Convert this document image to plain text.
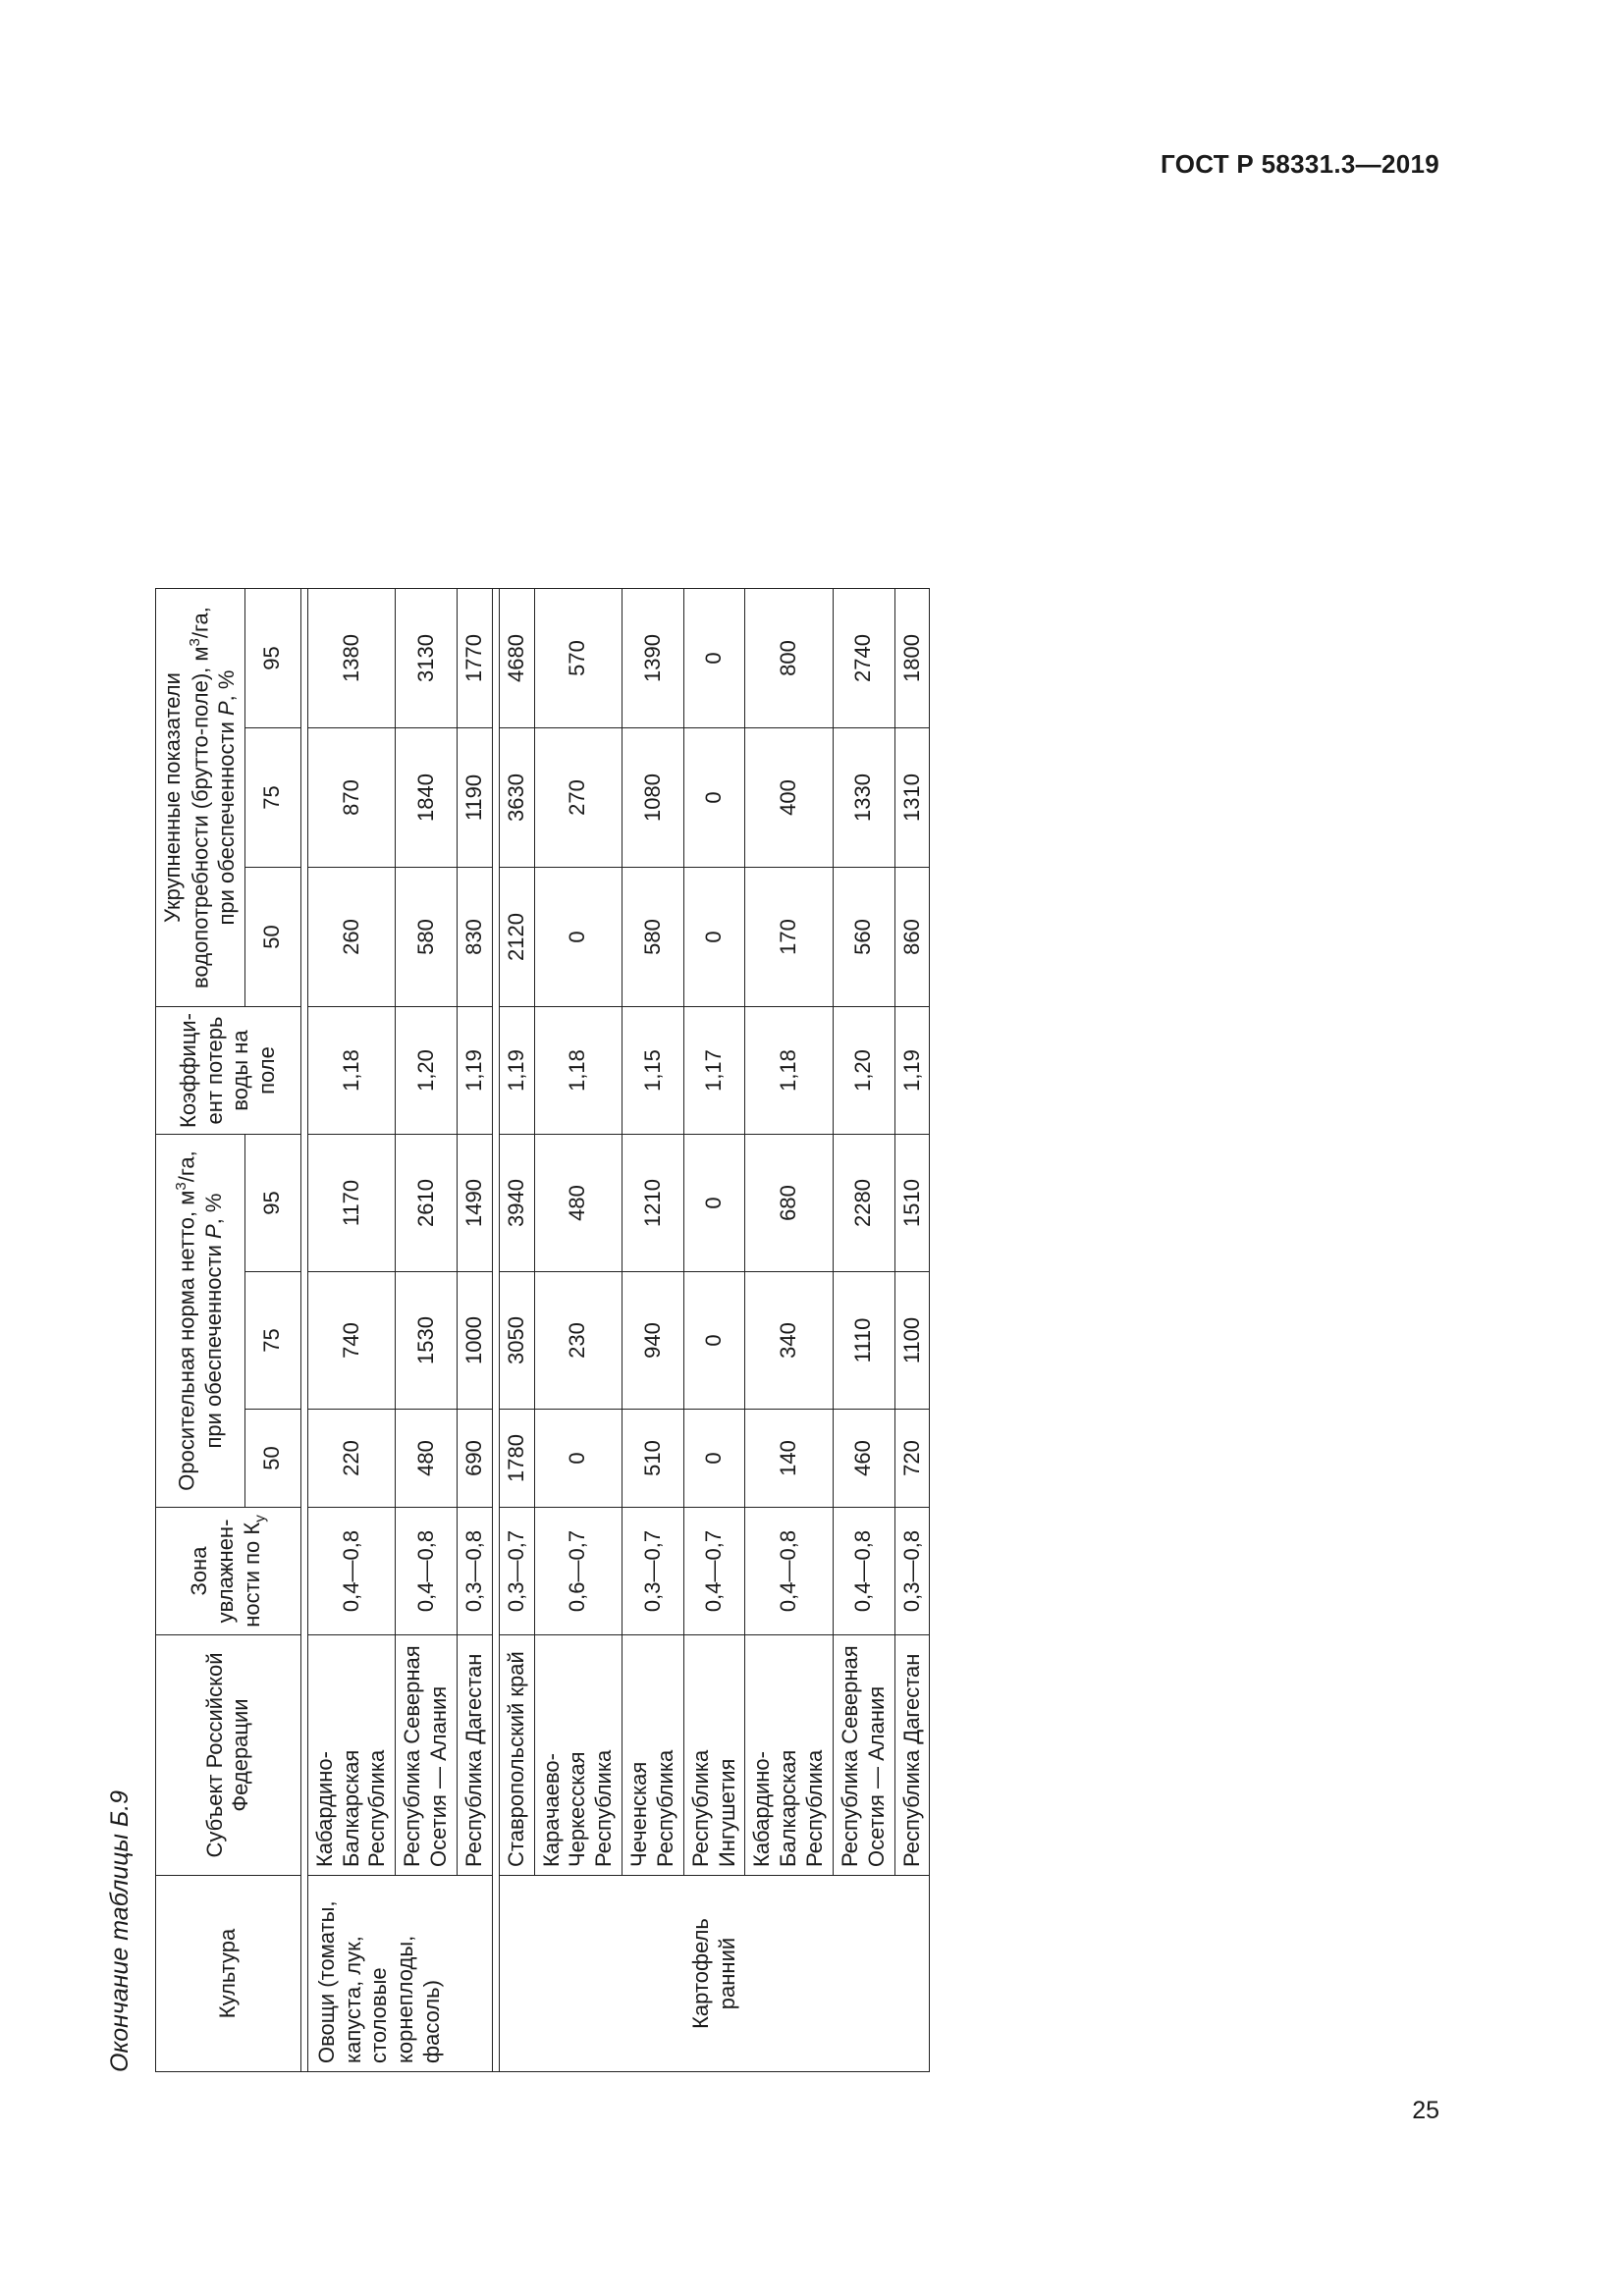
ГОСТ Р 58331.3—2019
Окончание таблицы Б.9	Культура	Субъект Российской Федерации	Зона увлажнен-ности по $К_у$	Оросительная норма нетто, $м^3/га$, при обеспеченности Р, %			Коэффици-ент потерь воды на поле	Укрупненные показатели водопотребности (брутто-поле), $м^3/га$, при обеспеченности Р, %		
			50	75	95		50	75	95

Овощи (томаты, капуста, лук, столовые корнеплоды, фасоль)	Кабардино-Балкарская Республика	0,4—0,8	220	740	1170	1,18	260	870	1380
	Республика Северная Осетия — Алания	0,4—0,8	480	1530	2610	1,20	580	1840	3130
	Республика Дагестан	0,3—0,8	690	1000	1490	1,19	830	1190	1770

Картофель ранний	Ставропольский край	0,3—0,7	1780	3050	3940	1,19	2120	3630	4680
	Карачаево-Черкесская Республика	0,6—0,7	0	230	480	1,18	0	270	570
	Чеченская Республика	0,3—0,7	510	940	1210	1,15	580	1080	1390
	Республика Ингушетия	0,4—0,7	0	0	0	1,17	0	0	0
	Кабардино-Балкарская Республика	0,4—0,8	140	340	680	1,18	170	400	800
	Республика Северная Осетия — Алания	0,4—0,8	460	1110	2280	1,20	560	1330	2740
	Республика Дагестан	0,3—0,8	720	1100	1510	1,19	860	1310	1800
25
